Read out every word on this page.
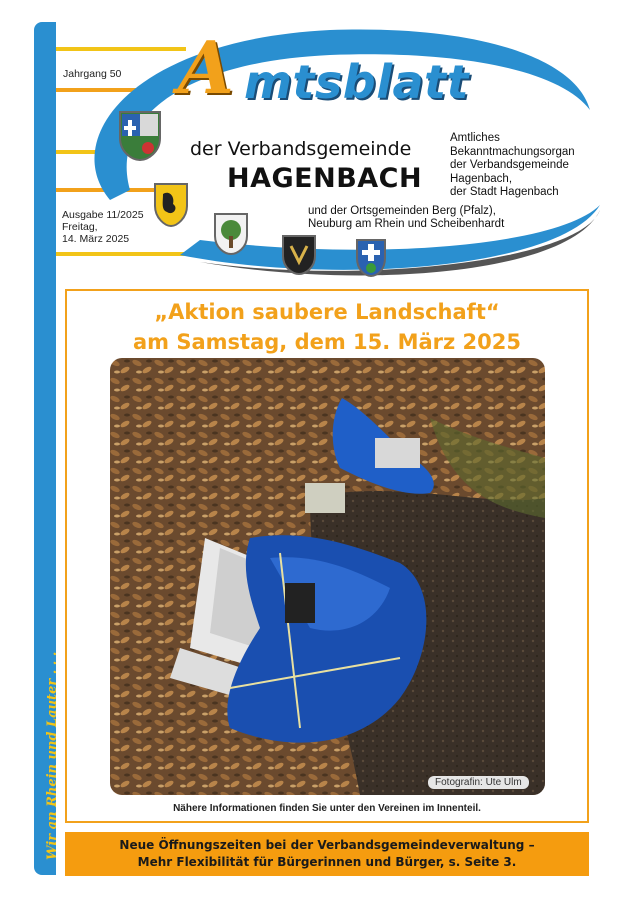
Wir an Rhein und Lauter . . .
Jahrgang 50
Ausgabe 11/2025
Freitag,
14. März 2025
A mtsblatt
der Verbandsgemeinde
HAGENBACH
Amtliches
Bekanntmachungsorgan
der Verbandsgemeinde
Hagenbach,
der Stadt Hagenbach
und der Ortsgemeinden Berg (Pfalz),
Neuburg am Rhein und Scheibenhardt
„Aktion saubere Landschaft“
am Samstag, dem 15. März 2025
Fotografin: Ute Ulm
Nähere Informationen finden Sie unter den Vereinen im Innenteil.
Neue Öffnungszeiten bei der Verbandsgemeindeverwaltung –
Mehr Flexibilität für Bürgerinnen und Bürger, s. Seite 3.
